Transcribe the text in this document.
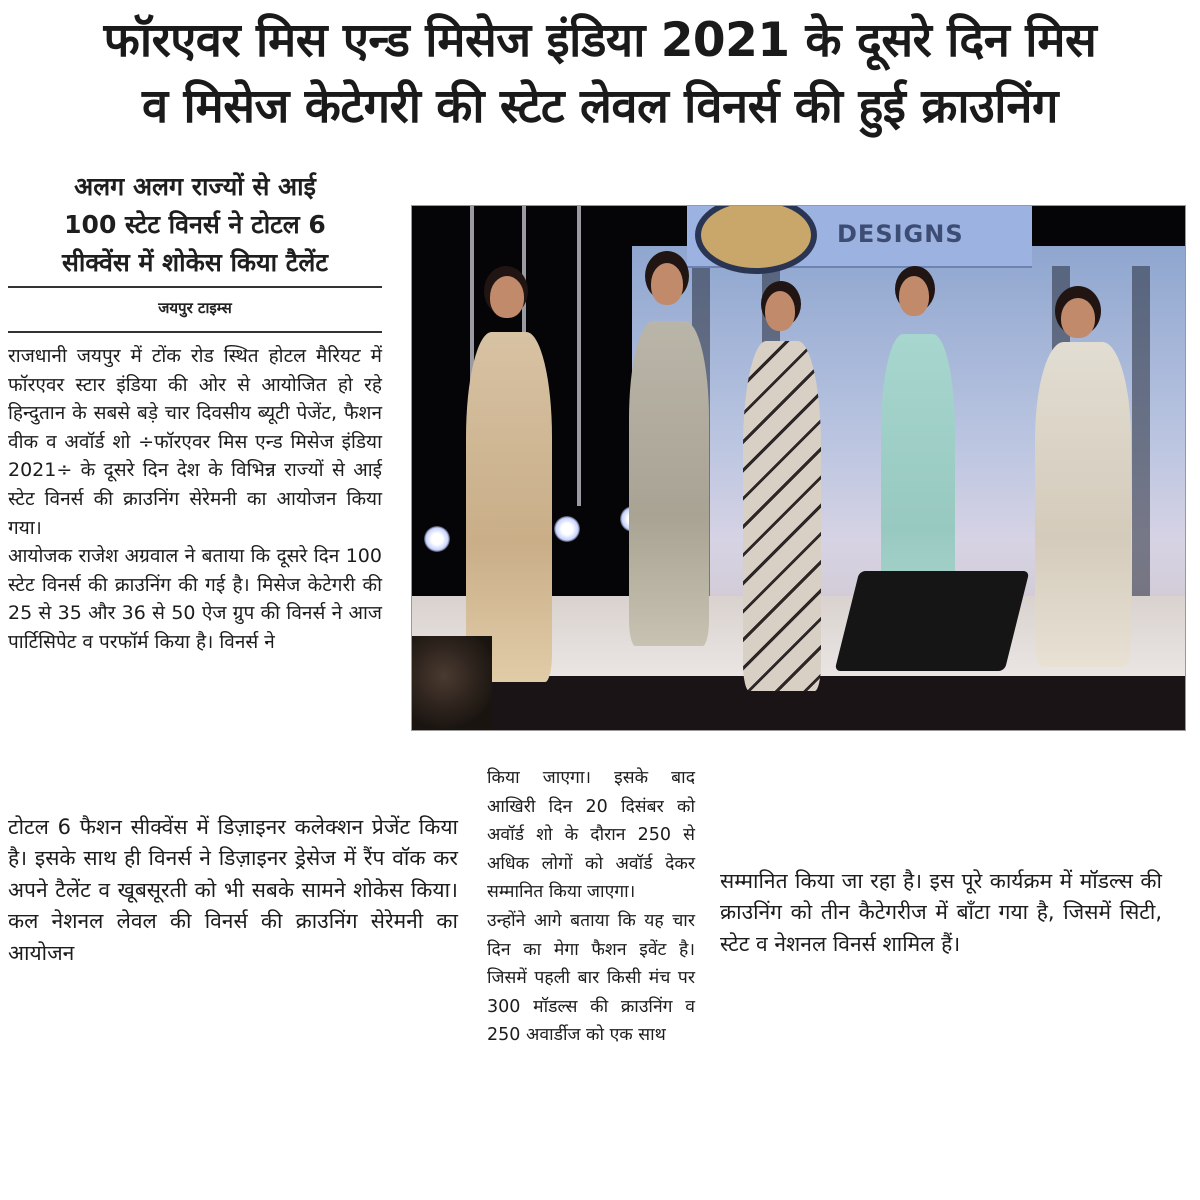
फॉरएवर मिस एन्ड मिसेज इंडिया 2021 के दूसरे दिन मिस
व मिसेज केटेगरी की स्टेट लेवल विनर्स की हुई क्राउनिंग
अलग अलग राज्यों से आई
100 स्टेट विनर्स ने टोटल 6
सीक्वेंस में शोकेस किया टैलेंट
जयपुर टाइम्स

राजधानी जयपुर में टोंक रोड स्थित होटल मैरियट में फॉरएवर स्टार इंडिया की ओर से आयोजित हो रहे हिन्दुतान के सबसे बड़े चार दिवसीय ब्यूटी पेजेंट, फैशन वीक व अवॉर्ड शो ÷फॉरएवर मिस एन्ड मिसेज इंडिया 2021÷ के दूसरे दिन देश के विभिन्न राज्यों से आई स्टेट विनर्स की क्राउनिंग सेरेमनी का आयोजन किया गया।

आयोजक राजेश अग्रवाल ने बताया कि दूसरे दिन 100 स्टेट विनर्स की क्राउनिंग की गई है। मिसेज केटेगरी की 25 से 35 और 36 से 50 ऐज ग्रुप की विनर्स ने आज पार्टिसिपेट व परफॉर्म किया है। विनर्स ने

DESIGNS

टोटल 6 फैशन सीक्वेंस में डिज़ाइनर कलेक्शन प्रेजेंट किया है। इसके साथ ही विनर्स ने डिज़ाइनर ड्रेसेज में रैंप वॉक कर अपने टैलेंट व खूबसूरती को भी सबके सामने शोकेस किया। कल नेशनल लेवल की विनर्स की क्राउनिंग सेरेमनी का आयोजन

किया जाएगा। इसके बाद आखिरी दिन 20 दिसंबर को अवॉर्ड शो के दौरान 250 से अधिक लोगों को अवॉर्ड देकर सम्मानित किया जाएगा।

उन्होंने आगे बताया कि यह चार दिन का मेगा फैशन इवेंट है। जिसमें पहली बार किसी मंच पर 300 मॉडल्स की क्राउनिंग व 250 अवार्डीज को एक साथ

सम्मानित किया जा रहा है। इस पूरे कार्यक्रम में मॉडल्स की क्राउनिंग को तीन कैटेगरीज में बाँटा गया है, जिसमें सिटी, स्टेट व नेशनल विनर्स शामिल हैं।
